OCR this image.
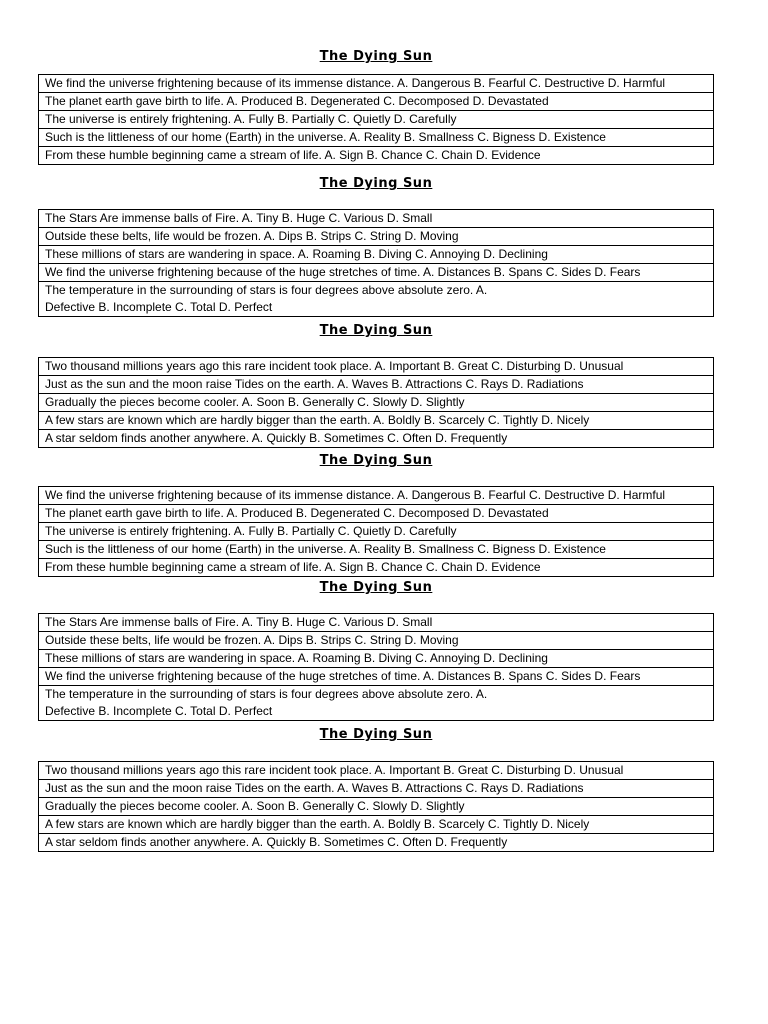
The Dying Sun
We find the universe frightening because of its immense distance. A. Dangerous B. Fearful C. Destructive D. Harmful
The planet earth gave birth to life. A. Produced B. Degenerated C. Decomposed D. Devastated
The universe is entirely frightening. A. Fully B. Partially C. Quietly D. Carefully
Such is the littleness of our home (Earth) in the universe. A. Reality B. Smallness C. Bigness D. Existence
From these humble beginning came a stream of life. A. Sign B. Chance C. Chain D. Evidence
The Dying Sun
The Stars Are immense balls of Fire. A. Tiny B. Huge C. Various D. Small
Outside these belts, life would be frozen. A. Dips B. Strips C. String D. Moving
These millions of stars are wandering in space. A. Roaming B. Diving C. Annoying D. Declining
We find the universe frightening because of the huge stretches of time. A. Distances B. Spans C. Sides D. Fears
The temperature in the surrounding of stars is four degrees above absolute zero. A. Defective B. Incomplete C. Total D. Perfect
The Dying Sun
Two thousand millions years ago this rare incident took place. A. Important B. Great C. Disturbing D. Unusual
Just as the sun and the moon raise Tides on the earth. A. Waves B. Attractions C. Rays D. Radiations
Gradually the pieces become cooler. A. Soon B. Generally C. Slowly D. Slightly
A few stars are known which are hardly bigger than the earth. A. Boldly B. Scarcely C. Tightly D. Nicely
A star seldom finds another anywhere. A. Quickly B. Sometimes C. Often D. Frequently
The Dying Sun
We find the universe frightening because of its immense distance. A. Dangerous B. Fearful C. Destructive D. Harmful
The planet earth gave birth to life. A. Produced B. Degenerated C. Decomposed D. Devastated
The universe is entirely frightening. A. Fully B. Partially C. Quietly D. Carefully
Such is the littleness of our home (Earth) in the universe. A. Reality B. Smallness C. Bigness D. Existence
From these humble beginning came a stream of life. A. Sign B. Chance C. Chain D. Evidence
The Dying Sun
The Stars Are immense balls of Fire. A. Tiny B. Huge C. Various D. Small
Outside these belts, life would be frozen. A. Dips B. Strips C. String D. Moving
These millions of stars are wandering in space. A. Roaming B. Diving C. Annoying D. Declining
We find the universe frightening because of the huge stretches of time. A. Distances B. Spans C. Sides D. Fears
The temperature in the surrounding of stars is four degrees above absolute zero. A. Defective B. Incomplete C. Total D. Perfect
The Dying Sun
Two thousand millions years ago this rare incident took place. A. Important B. Great C. Disturbing D. Unusual
Just as the sun and the moon raise Tides on the earth. A. Waves B. Attractions C. Rays D. Radiations
Gradually the pieces become cooler. A. Soon B. Generally C. Slowly D. Slightly
A few stars are known which are hardly bigger than the earth. A. Boldly B. Scarcely C. Tightly D. Nicely
A star seldom finds another anywhere. A. Quickly B. Sometimes C. Often D. Frequently
